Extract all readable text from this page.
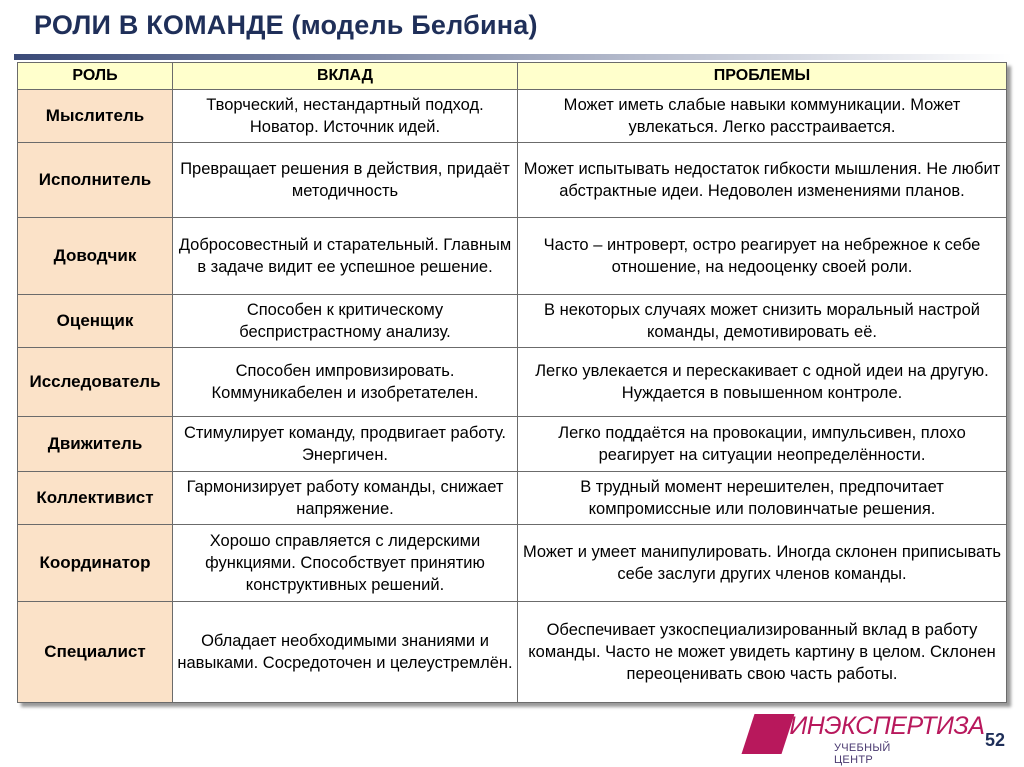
РОЛИ В КОМАНДЕ (модель Белбина)
РОЛЬ	ВКЛАД	ПРОБЛЕМЫ
Мыслитель	Творческий, нестандартный подход. Новатор. Источник идей.	Может иметь слабые навыки коммуникации. Может увлекаться. Легко расстраивается.
Исполнитель	Превращает решения в действия, придаёт методичность	Может испытывать недостаток гибкости мышления. Не любит абстрактные идеи. Недоволен изменениями планов.
Доводчик	Добросовестный и старательный. Главным в задаче видит ее успешное решение.	Часто – интроверт, остро реагирует на небрежное к себе отношение, на недооценку своей роли.
Оценщик	Способен к критическому беспристрастному анализу.	В некоторых случаях может снизить моральный настрой команды, демотивировать её.
Исследователь	Способен импровизировать. Коммуникабелен и изобретателен.	Легко увлекается и перескакивает с одной идеи на другую. Нуждается в повышенном контроле.
Движитель	Стимулирует команду, продвигает работу. Энергичен.	Легко поддаётся на провокации, импульсивен, плохо реагирует на ситуации неопределённости.
Коллективист	Гармонизирует работу команды, снижает напряжение.	В трудный момент нерешителен, предпочитает компромиссные или половинчатые решения.
Координатор	Хорошо справляется с лидерскими функциями. Способствует принятию конструктивных решений.	Может и умеет манипулировать. Иногда склонен приписывать себе заслуги других членов команды.
Специалист	Обладает необходимыми знаниями и навыками. Сосредоточен и целеустремлён.	Обеспечивает узкоспециализированный вклад в работу команды. Часто не может увидеть картину в целом. Склонен переоценивать свою часть работы.
ФИНЭКСПЕРТИЗА
УЧЕБНЫЙ ЦЕНТР
52
